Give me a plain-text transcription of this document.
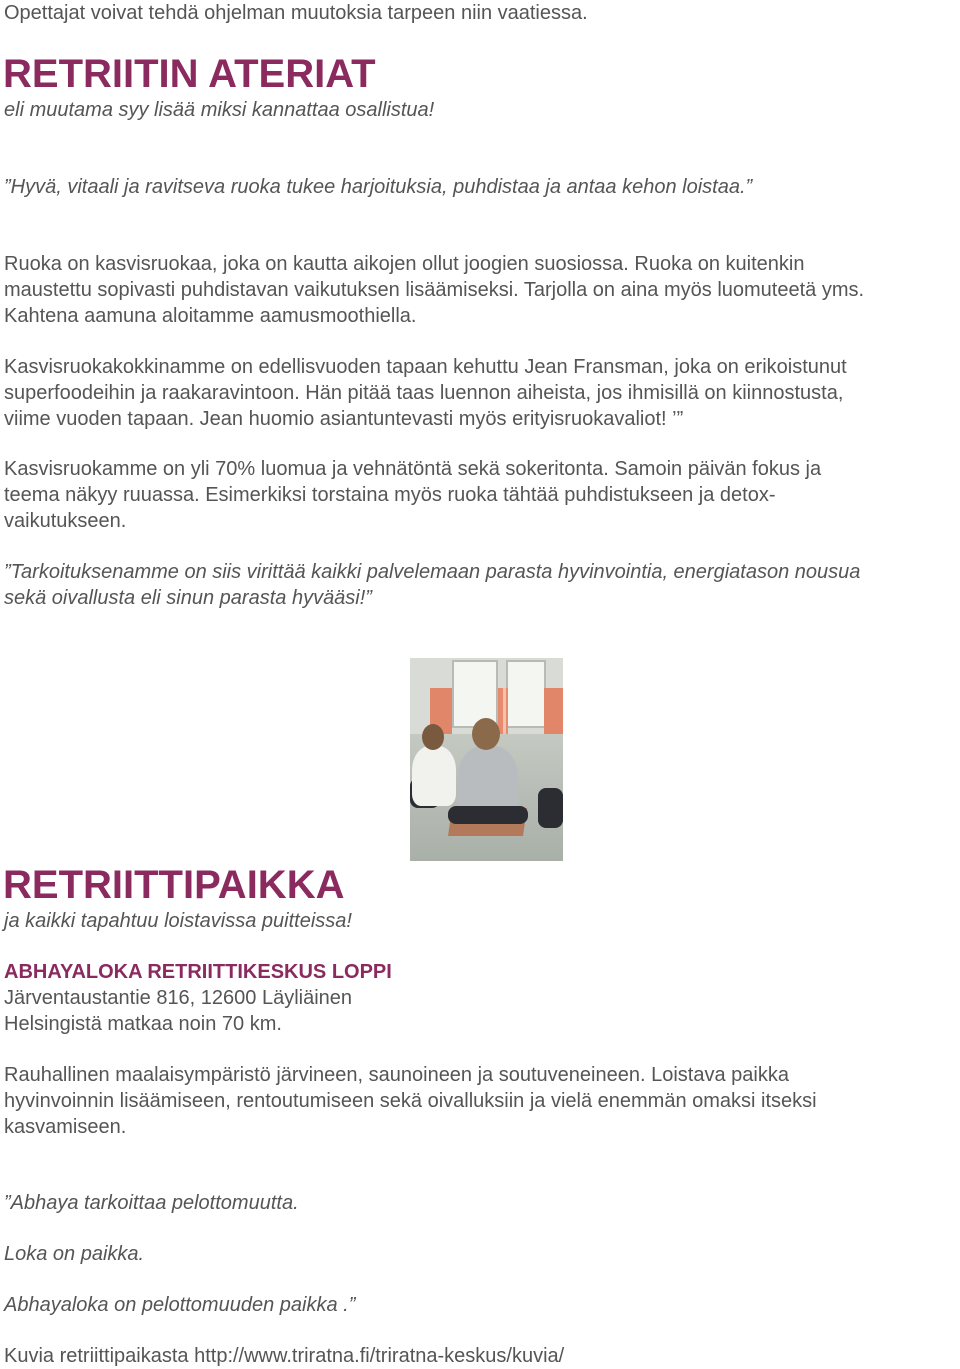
Opettajat voivat tehdä ohjelman muutoksia tarpeen niin vaatiessa.

RETRIITIN ATERIAT

eli muutama syy lisää miksi kannattaa osallistua!

”Hyvä, vitaali ja ravitseva ruoka tukee harjoituksia, puhdistaa ja antaa kehon loistaa.”

Ruoka on kasvisruokaa, joka on kautta aikojen ollut joogien suosiossa. Ruoka on kuitenkin

maustettu sopivasti puhdistavan vaikutuksen lisäämiseksi. Tarjolla on aina myös luomuteetä yms.

Kahtena aamuna aloitamme aamusmoothiella.

Kasvisruokakokkinamme on edellisvuoden tapaan kehuttu Jean Fransman, joka on erikoistunut

superfoodeihin ja raakaravintoon. Hän pitää taas luennon aiheista, jos ihmisillä on kiinnostusta,

viime vuoden tapaan. Jean huomio asiantuntevasti myös erityisruokavaliot! ’”

Kasvisruokamme on yli 70% luomua ja vehnätöntä sekä sokeritonta. Samoin päivän fokus ja

teema näkyy ruuassa. Esimerkiksi torstaina myös ruoka tähtää puhdistukseen ja detox-

vaikutukseen.

”Tarkoituksenamme on siis virittää kaikki palvelemaan parasta hyvinvointia, energiatason nousua

sekä oivallusta eli sinun parasta hyvääsi!”

RETRIITTIPAIKKA

ja kaikki tapahtuu loistavissa puitteissa!

ABHAYALOKA RETRIITTIKESKUS LOPPI

Järventaustantie 816, 12600 Läyliäinen

Helsingistä matkaa noin 70 km.

Rauhallinen maalaisympäristö järvineen, saunoineen ja soutuveneineen. Loistava paikka

hyvinvoinnin lisäämiseen, rentoutumiseen sekä oivalluksiin ja vielä enemmän omaksi itseksi

kasvamiseen.

”Abhaya tarkoittaa pelottomuutta.

Loka on paikka.

Abhayaloka on pelottomuuden paikka .”

Kuvia retriittipaikasta http://www.triratna.fi/triratna-keskus/kuvia/
